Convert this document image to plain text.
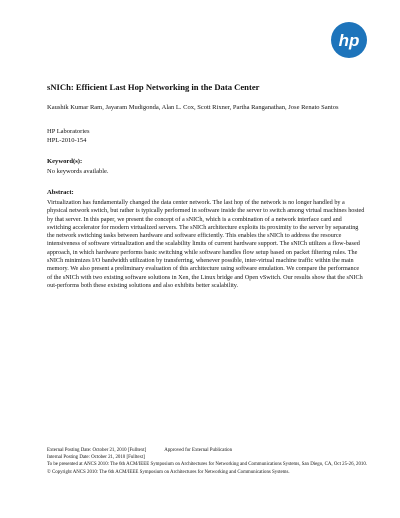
hp
sNICh: Efficient Last Hop Networking in the Data Center
Kaushik Kumar Ram, Jayaram Mudigonda, Alan L. Cox, Scott Rixner, Partha Ranganathan, Jose Renato Santos
HP Laboratories
HPL-2010-154
Keyword(s):
No keywords available.
Abstract:
Virtualization has fundamentally changed the data center network. The last hop of the network is no longer handled by a physical network switch, but rather is typically performed in software inside the server to switch among virtual machines hosted by that server. In this paper, we present the concept of a sNICh, which is a combination of a network interface card and switching accelerator for modern virtualized servers. The sNICh architecture exploits its proximity to the server by separating the network switching tasks between hardware and software efficiently. This enables the sNICh to address the resource intensiveness of software virtualization and the scalability limits of current hardware support. The sNICh utilizes a flow-based approach, in which hardware performs basic switching while software handles flow setup based on packet filtering rules. The sNICh minimizes I/O bandwidth utilization by transferring, whenever possible, inter-virtual machine traffic within the main memory. We also present a preliminary evaluation of this architecture using software emulation. We compare the performance of the sNICh with two existing software solutions in Xen, the Linux bridge and Open vSwitch. Our results show that the sNICh out-performs both these existing solutions and also exhibits better scalability.
External Posting Date: October 21, 2010 [Fulltext]	Approved for External Publication
Internal Posting Date: October 21, 2010 [Fulltext]
To be presented at ANCS 2010: The 6th ACM/IEEE Symposium on Architectures for Networking and Communications Systems, San Diego, CA, Oct 25-26, 2010.
© Copyright ANCS 2010: The 6th ACM/IEEE Symposium on Architectures for Networking and Communications Systems.
